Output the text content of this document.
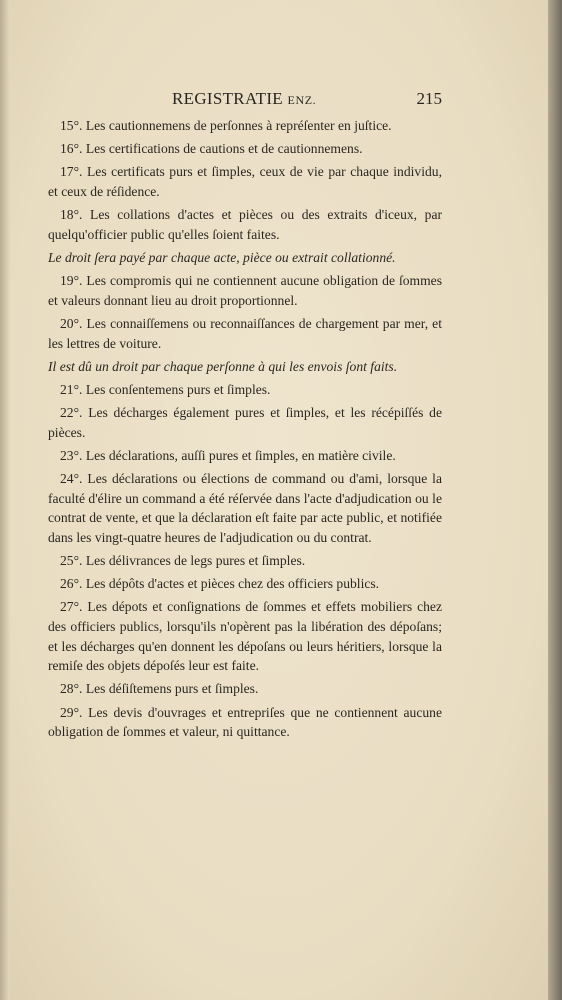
REGISTRATIE ENZ.	215

15°. Les cautionnemens de perſonnes à repréſenter en juſtice.

16°. Les certifications de cautions et de cautionnemens.

17°. Les certificats purs et ſimples, ceux de vie par chaque individu, et ceux de réſidence.

18°. Les collations d'actes et pièces ou des extraits d'iceux, par quelqu'officier public qu'elles ſoient faites.

Le droit ſera payé par chaque acte, pièce ou extrait collationné.

19°. Les compromis qui ne contiennent aucune obligation de ſommes et valeurs donnant lieu au droit proportionnel.

20°. Les connaiſſemens ou reconnaiſſances de chargement par mer, et les lettres de voiture.

Il est dû un droit par chaque perſonne à qui les envois ſont faits.

21°. Les conſentemens purs et ſimples.

22°. Les décharges également pures et ſimples, et les récépiſſés de pièces.

23°. Les déclarations, auſſi pures et ſimples, en matière civile.

24°. Les déclarations ou élections de command ou d'ami, lorsque la faculté d'élire un command a été réſervée dans l'acte d'adjudication ou le contrat de vente, et que la déclaration eſt faite par acte public, et notifiée dans les vingt-quatre heures de l'adjudication ou du contrat.

25°. Les délivrances de legs pures et ſimples.

26°. Les dépôts d'actes et pièces chez des officiers publics.

27°. Les dépots et conſignations de ſommes et effets mobiliers chez des officiers publics, lorsqu'ils n'opèrent pas la libération des dépoſans; et les décharges qu'en donnent les dépoſans ou leurs héritiers, lorsque la remiſe des objets dépoſés leur est faite.

28°. Les déſiſtemens purs et ſimples.

29°. Les devis d'ouvrages et entrepriſes que ne contiennent aucune obligation de ſommes et valeur, ni quittance.
